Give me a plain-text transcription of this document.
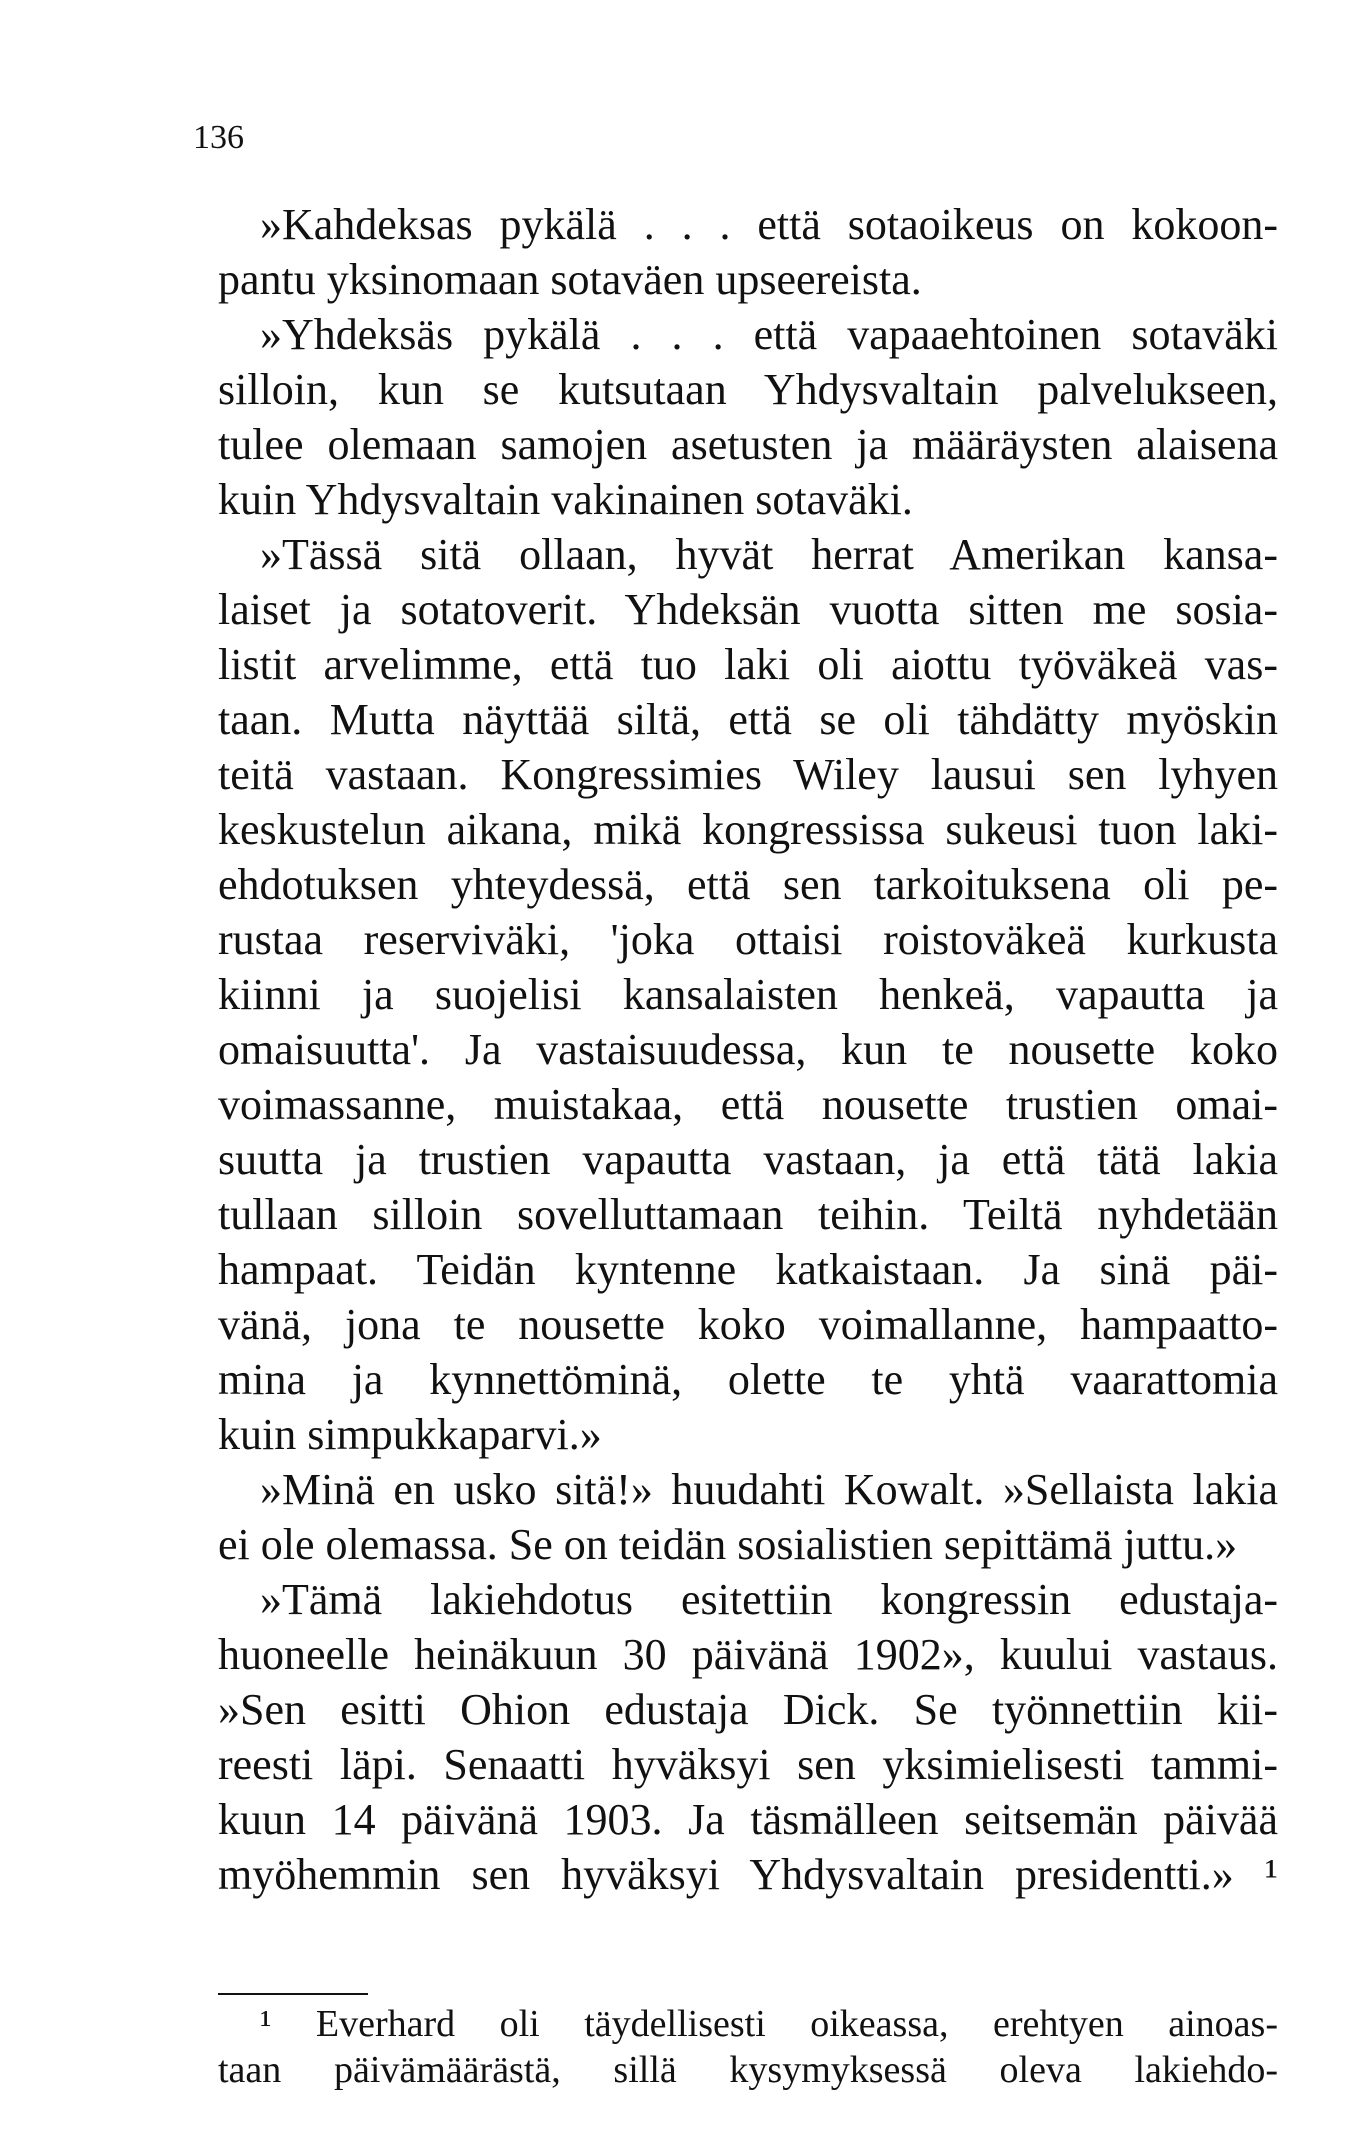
136
»Kahdeksas pykälä . . . että sotaoikeus on kokoon-
pantu yksinomaan sotaväen upseereista.
»Yhdeksäs pykälä . . . että vapaaehtoinen sotaväki
silloin, kun se kutsutaan Yhdysvaltain palvelukseen,
tulee olemaan samojen asetusten ja määräysten alaisena
kuin Yhdysvaltain vakinainen sotaväki.
»Tässä sitä ollaan, hyvät herrat Amerikan kansa-
laiset ja sotatoverit. Yhdeksän vuotta sitten me sosia-
listit arvelimme, että tuo laki oli aiottu työväkeä vas-
taan. Mutta näyttää siltä, että se oli tähdätty myöskin
teitä vastaan. Kongressimies Wiley lausui sen lyhyen
keskustelun aikana, mikä kongressissa sukeusi tuon laki-
ehdotuksen yhteydessä, että sen tarkoituksena oli pe-
rustaa reserviväki, 'joka ottaisi roistoväkeä kurkusta
kiinni ja suojelisi kansalaisten henkeä, vapautta ja
omaisuutta'. Ja vastaisuudessa, kun te nousette koko
voimassanne, muistakaa, että nousette trustien omai-
suutta ja trustien vapautta vastaan, ja että tätä lakia
tullaan silloin sovelluttamaan teihin. Teiltä nyhdetään
hampaat. Teidän kyntenne katkaistaan. Ja sinä päi-
vänä, jona te nousette koko voimallanne, hampaatto-
mina ja kynnettöminä, olette te yhtä vaarattomia
kuin simpukkaparvi.»
»Minä en usko sitä!» huudahti Kowalt. »Sellaista lakia
ei ole olemassa. Se on teidän sosialistien sepittämä juttu.»
»Tämä lakiehdotus esitettiin kongressin edustaja-
huoneelle heinäkuun 30 päivänä 1902», kuului vastaus.
»Sen esitti Ohion edustaja Dick. Se työnnettiin kii-
reesti läpi. Senaatti hyväksyi sen yksimielisesti tammi-
kuun 14 päivänä 1903. Ja täsmälleen seitsemän päivää
myöhemmin sen hyväksyi Yhdysvaltain presidentti.» ¹
¹ Everhard oli täydellisesti oikeassa, erehtyen ainoas-
taan päivämäärästä, sillä kysymyksessä oleva lakiehdo-
